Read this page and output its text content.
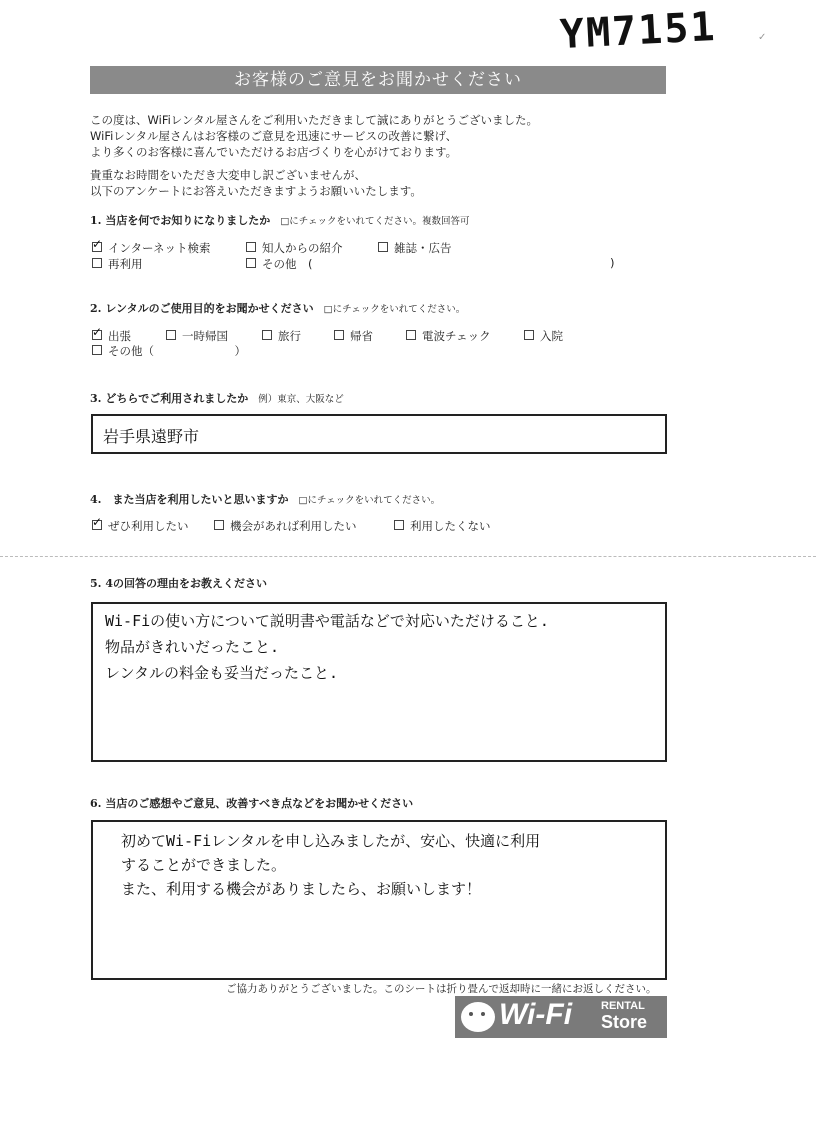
YM7151	✓
お客様のご意見をお聞かせください
この度は、WiFiレンタル屋さんをご利用いただきまして誠にありがとうございました。
WiFiレンタル屋さんはお客様のご意見を迅速にサービスの改善に繋げ、
より多くのお客様に喜んでいただけるお店づくりを心がけております。
貴重なお時間をいただき大変申し訳ございませんが、
以下のアンケートにお答えいただきますようお願いいたします。
1. 当店を何でお知りになりましたか □にチェックをいれてください。複数回答可
✓インターネット検索	知人からの紹介	雑誌・広告
再利用	その他　(	)
2. レンタルのご使用目的をお聞かせください □にチェックをいれてください。
✓出張	一時帰国	旅行	帰省	電波チェック	入院
その他（　　　　　　　）
3. どちらでご利用されましたか 例）東京、大阪など
岩手県遠野市
4.　また当店を利用したいと思いますか □にチェックをいれてください。
✓ぜひ利用したい	機会があれば利用したい	利用したくない
5. 4の回答の理由をお教えください
Wi-Fiの使い方について説明書や電話などで対応いただけること.
物品がきれいだったこと.
レンタルの料金も妥当だったこと.
6. 当店のご感想やご意見、改善すべき点などをお聞かせください
初めてWi-Fiレンタルを申し込みましたが、安心、快適に利用
することができました。
また、利用する機会がありましたら、お願いします！
ご協力ありがとうございました。このシートは折り畳んで返却時に一緒にお返しください。
Wi-Fi	RENTAL
Store
